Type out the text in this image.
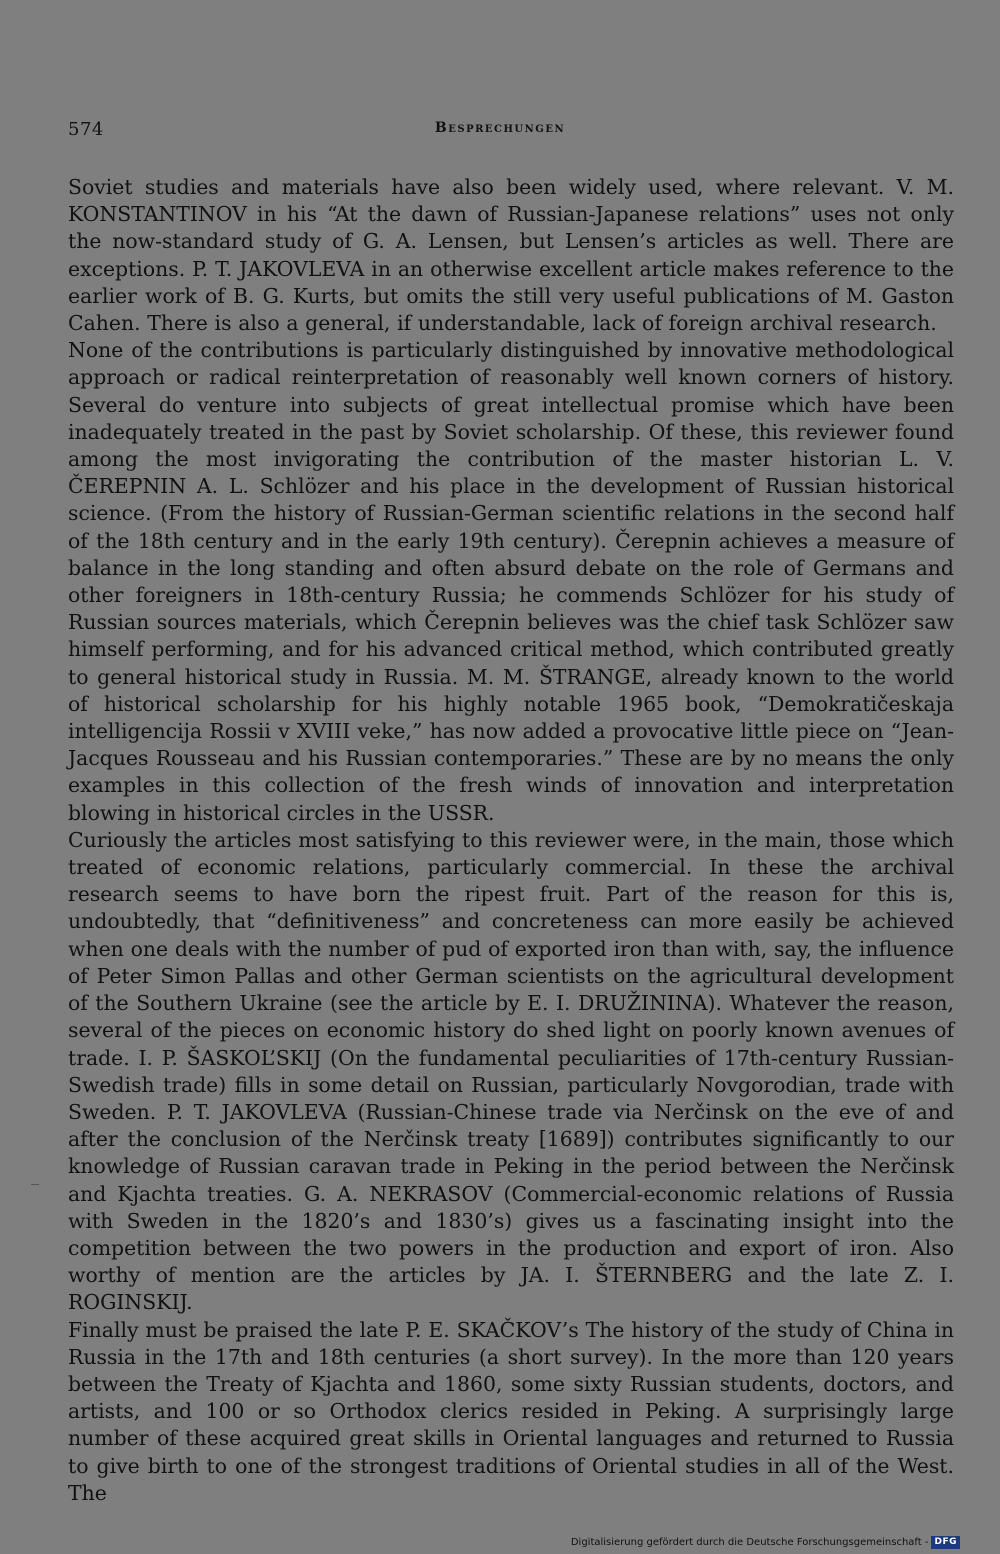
574	Besprechungen

Soviet studies and materials have also been widely used, where relevant. V. M. KONSTANTINOV in his “At the dawn of Russian-Japanese relations” uses not only the now-standard study of G. A. Lensen, but Lensen’s articles as well. There are exceptions. P. T. JAKOVLEVA in an otherwise excellent article makes reference to the earlier work of B. G. Kurts, but omits the still very useful publications of M. Gaston Cahen. There is also a general, if understandable, lack of foreign archival research.

None of the contributions is particularly distinguished by innovative methodological approach or radical reinterpretation of reasonably well known corners of history. Several do venture into subjects of great intellectual promise which have been inadequately treated in the past by Soviet scholarship. Of these, this reviewer found among the most invigorating the contribution of the master historian L. V. ČEREPNIN A. L. Schlözer and his place in the development of Russian historical science. (From the history of Russian-German scientific relations in the second half of the 18th century and in the early 19th century). Čerepnin achieves a measure of balance in the long standing and often absurd debate on the role of Germans and other foreigners in 18th-century Russia; he commends Schlözer for his study of Russian sources materials, which Čerepnin believes was the chief task Schlözer saw himself performing, and for his advanced critical method, which contributed greatly to general historical study in Russia. M. M. ŠTRANGE, already known to the world of historical scholarship for his highly notable 1965 book, “Demokratičeskaja intelligencija Rossii v XVIII veke,” has now added a provocative little piece on “Jean-Jacques Rousseau and his Russian contemporaries.” These are by no means the only examples in this collection of the fresh winds of innovation and interpretation blowing in historical circles in the USSR.

Curiously the articles most satisfying to this reviewer were, in the main, those which treated of economic relations, particularly commercial. In these the archival research seems to have born the ripest fruit. Part of the reason for this is, undoubtedly, that “definitiveness” and concreteness can more easily be achieved when one deals with the number of pud of exported iron than with, say, the influence of Peter Simon Pallas and other German scientists on the agricultural development of the Southern Ukraine (see the article by E. I. DRUŽININA). Whatever the reason, several of the pieces on economic history do shed light on poorly known avenues of trade. I. P. ŠASKOL’SKIJ (On the fundamental peculiarities of 17th-century Russian-Swedish trade) fills in some detail on Russian, particularly Novgorodian, trade with Sweden. P. T. JAKOVLEVA (Russian-Chinese trade via Nerčinsk on the eve of and after the conclusion of the Nerčinsk treaty [1689]) contributes significantly to our knowledge of Russian caravan trade in Peking in the period between the Nerčinsk and Kjachta treaties. G. A. NEKRASOV (Commercial-economic relations of Russia with Sweden in the 1820’s and 1830’s) gives us a fascinating insight into the competition between the two powers in the production and export of iron. Also worthy of mention are the articles by JA. I. ŠTERNBERG and the late Z. I. ROGINSKIJ.

Finally must be praised the late P. E. SKAČKOV’s The history of the study of China in Russia in the 17th and 18th centuries (a short survey). In the more than 120 years between the Treaty of Kjachta and 1860, some sixty Russian students, doctors, and artists, and 100 or so Orthodox clerics resided in Peking. A surprisingly large number of these acquired great skills in Oriental languages and returned to Russia to give birth to one of the strongest traditions of Oriental studies in all of the West. The

Digitalisierung gefördert durch die Deutsche Forschungsgemeinschaft - DFG
